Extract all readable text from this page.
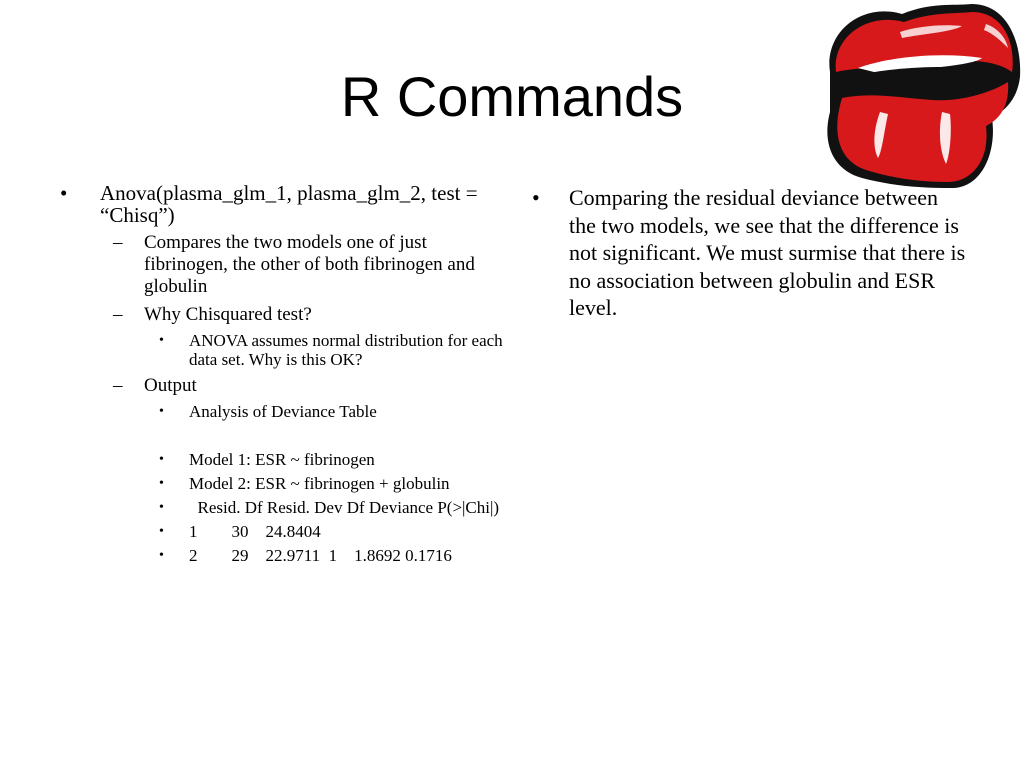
R Commands
•	Anova(plasma_glm_1, plasma_glm_2, test = “Chisq”)
–	Compares the two models one of just fibrinogen, the other of both fibrinogen and globulin
–	Why Chisquared test?
•	ANOVA assumes normal distribution for each data set. Why is this OK?
–	Output
•	Analysis of Deviance Table
•	Model 1: ESR ~ fibrinogen
•	Model 2: ESR ~ fibrinogen + globulin
•	Resid. Df Resid. Dev Df Deviance P(>|Chi|)
•	1        30    24.8404
•	2        29    22.9711  1    1.8692 0.1716
•	Comparing the residual deviance between the two models, we see that the difference is not significant. We must surmise that there is no association between globulin and ESR level.
